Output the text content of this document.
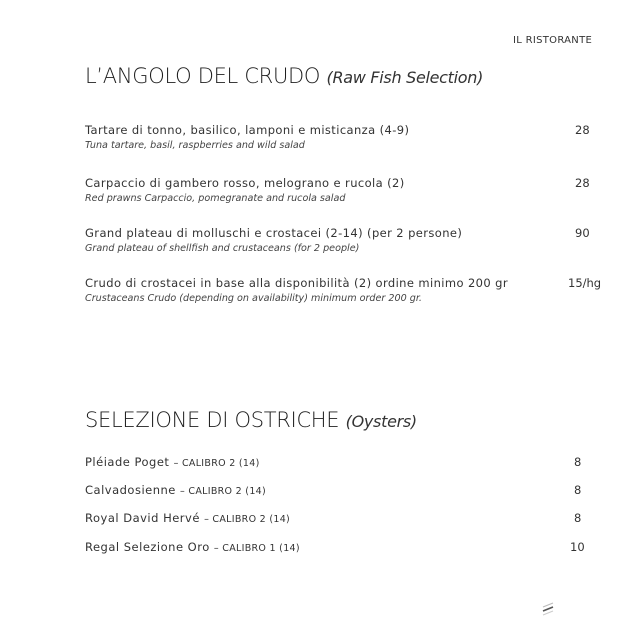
IL RISTORANTE
L’ANGOLO DEL CRUDO (Raw Fish Selection)
Tartare di tonno, basilico, lamponi e misticanza (4-9)
Tuna tartare, basil, raspberries and wild salad
28
Carpaccio di gambero rosso, melograno e rucola (2)
Red prawns Carpaccio, pomegranate and rucola salad
28
Grand plateau di molluschi e crostacei (2-14) (per 2 persone)
Grand plateau of shellfish and crustaceans (for 2 people)
90
Crudo di crostacei in base alla disponibilità (2) ordine minimo 200 gr
Crustaceans Crudo (depending on availability) minimum order 200 gr.
15/hg
SELEZIONE DI OSTRICHE (Oysters)
Pléiade Poget – CALIBRO 2 (14)	8
Calvadosienne – CALIBRO 2 (14)	8
Royal David Hervé – CALIBRO 2 (14)	8
Regal Selezione Oro – CALIBRO 1 (14)	10
